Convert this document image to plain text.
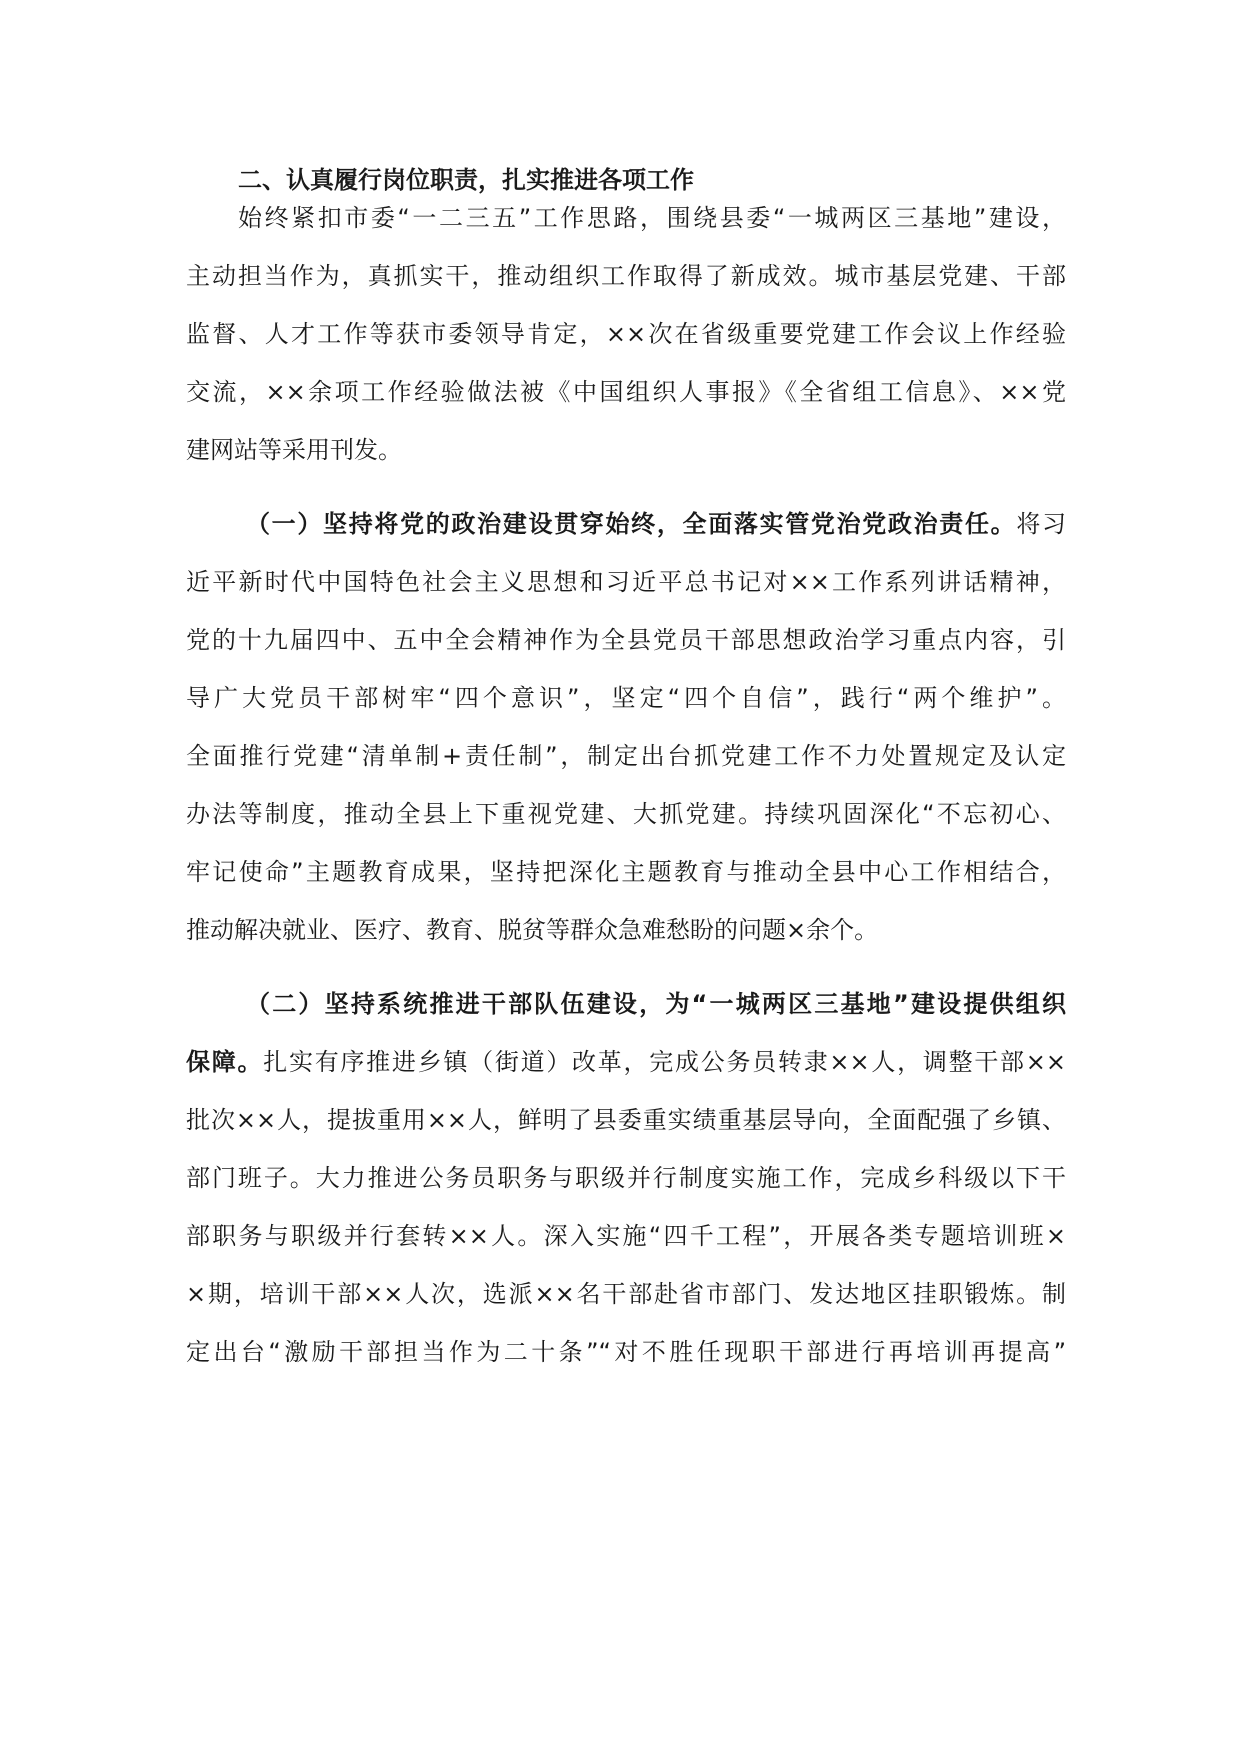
二、认真履行岗位职责，扎实推进各项工作
始终紧扣市委“一二三五”工作思路，围绕县委“一城两区三基地”建设，
主动担当作为，真抓实干，推动组织工作取得了新成效。城市基层党建、干部
监督、人才工作等获市委领导肯定，××次在省级重要党建工作会议上作经验
交流，××余项工作经验做法被《中国组织人事报》《全省组工信息》、××党
建网站等采用刊发。
（一）坚持将党的政治建设贯穿始终，全面落实管党治党政治责任。将习
近平新时代中国特色社会主义思想和习近平总书记对××工作系列讲话精神，
党的十九届四中、五中全会精神作为全县党员干部思想政治学习重点内容，引
导广大党员干部树牢“四个意识”，坚定“四个自信”，践行“两个维护”。
全面推行党建“清单制+责任制”，制定出台抓党建工作不力处置规定及认定
办法等制度，推动全县上下重视党建、大抓党建。持续巩固深化“不忘初心、
牢记使命”主题教育成果，坚持把深化主题教育与推动全县中心工作相结合，
推动解决就业、医疗、教育、脱贫等群众急难愁盼的问题×余个。
（二）坚持系统推进干部队伍建设，为“一城两区三基地”建设提供组织
保障。扎实有序推进乡镇（街道）改革，完成公务员转隶××人，调整干部××
批次××人，提拔重用××人，鲜明了县委重实绩重基层导向，全面配强了乡镇、
部门班子。大力推进公务员职务与职级并行制度实施工作，完成乡科级以下干
部职务与职级并行套转××人。深入实施“四千工程”，开展各类专题培训班×
×期，培训干部××人次，选派××名干部赴省市部门、发达地区挂职锻炼。制
定出台“激励干部担当作为二十条”“对不胜任现职干部进行再培训再提高”
